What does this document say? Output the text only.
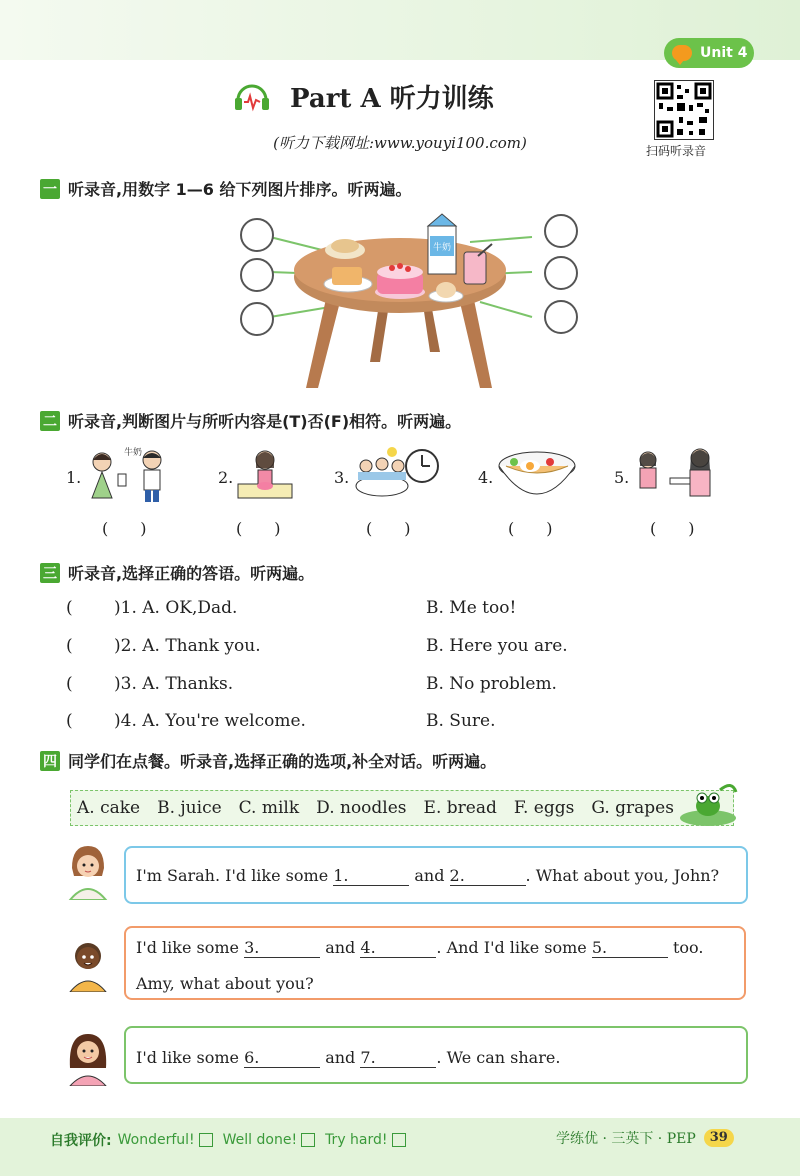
Unit 4
Part A 听力训练
(听力下载网址:www.youyi100.com)	扫码听录音
一 听录音,用数字 1—6 给下列图片排序。听两遍。
牛奶
二 听录音,判断图片与所听内容是(T)否(F)相符。听两遍。
1.
牛奶
2.	3.	4.	5.
(　　)	(　　)	(　　)	(　　)	(　　)
三 听录音,选择正确的答语。听两遍。
( )1. A. OK,Dad.	B. Me too!
( )2. A. Thank you.	B. Here you are.
( )3. A. Thanks.	B. No problem.
( )4. A. You're welcome.	B. Sure.
四 同学们在点餐。听录音,选择正确的选项,补全对话。听两遍。
A. cake B. juice C. milk D. noodles E. bread F. eggs G. grapes
I'm Sarah. I'd like some 1.	and 2.	. What about you, John?
I'd like some 3.	and 4.	. And I'd like some 5.	too.
Amy, what about you?
I'd like some 6.	and 7.	. We can share.
自我评价: Wonderful! Well done! Try hard!	学练优 · 三英下 · PEP	39
